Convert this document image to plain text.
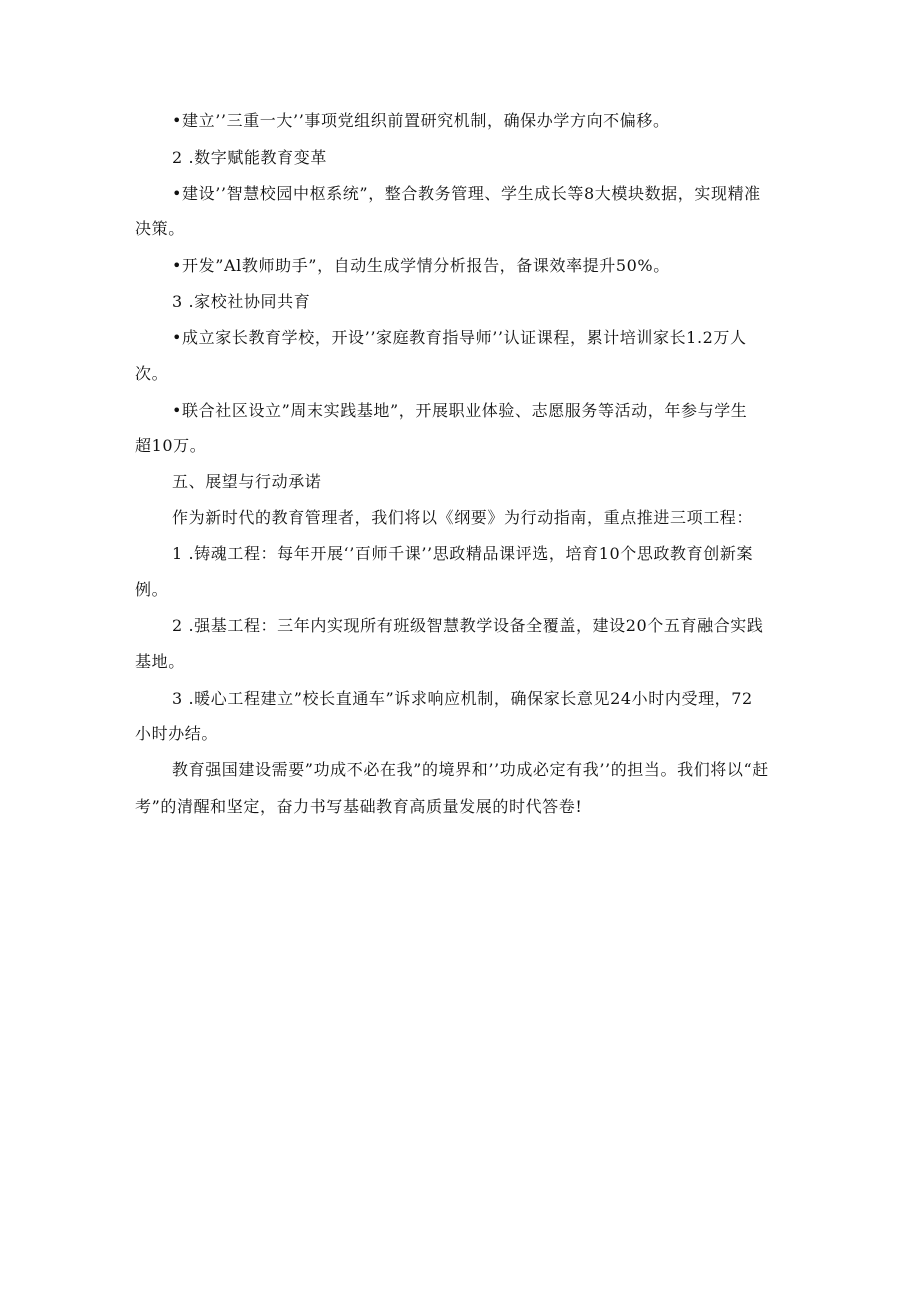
•建立’’三重一大’’事项党组织前置研究机制，确保办学方向不偏移。
2 .数字赋能教育变革
•建设’’智慧校园中枢系统”，整合教务管理、学生成长等8大模块数据，实现精准
决策。
•开发”Al教师助手”，自动生成学情分析报告，备课效率提升50%。
3 .家校社协同共育
•成立家长教育学校，开设’’家庭教育指导师’’认证课程，累计培训家长1.2万人
次。
•联合社区设立”周末实践基地”，开展职业体验、志愿服务等活动，年参与学生
超10万。
五、展望与行动承诺
作为新时代的教育管理者，我们将以《纲要》为行动指南，重点推进三项工程：
1 .铸魂工程：每年开展‘’百师千课’’思政精品课评选，培育10个思政教育创新案
例。
2 .强基工程：三年内实现所有班级智慧教学设备全覆盖，建设20个五育融合实践
基地。
3 .暖心工程建立”校长直通车”诉求响应机制，确保家长意见24小时内受理，72
小时办结。
教育强国建设需要”功成不必在我”的境界和’’功成必定有我’’的担当。我们将以“赶
考”的清醒和坚定，奋力书写基础教育高质量发展的时代答卷!
